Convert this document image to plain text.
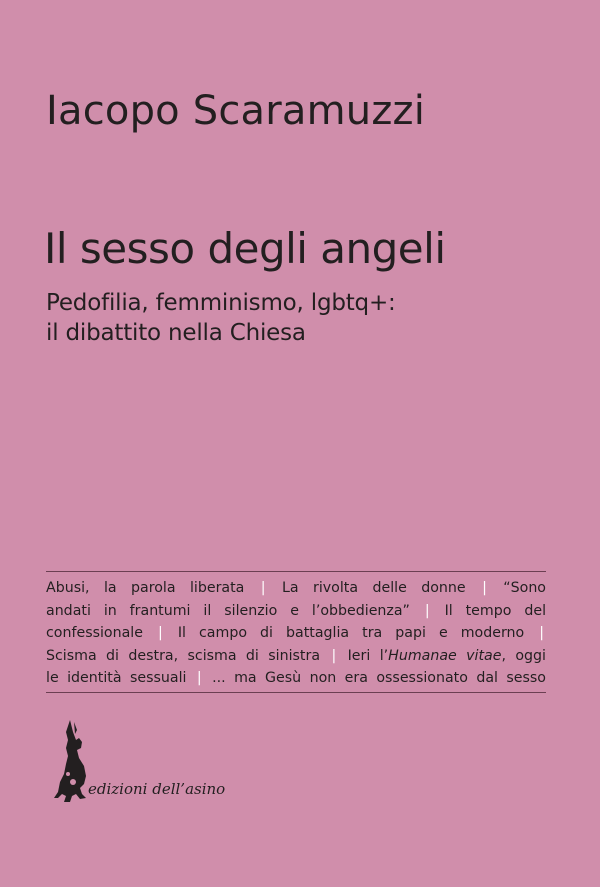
Iacopo Scaramuzzi
Il sesso degli angeli
Pedofilia, femminismo, lgbtq+:
il dibattito nella Chiesa
Abusi, la parola liberata | La rivolta delle donne | “Sono
andati in frantumi il silenzio e l’obbedienza” | Il tempo del
confessionale | Il campo di battaglia tra papi e moderno |
Scisma di destra, scisma di sinistra | Ieri l’Humanae vitae, oggi
le identità sessuali | ... ma Gesù non era ossessionato dal sesso
edizioni dell’asino
